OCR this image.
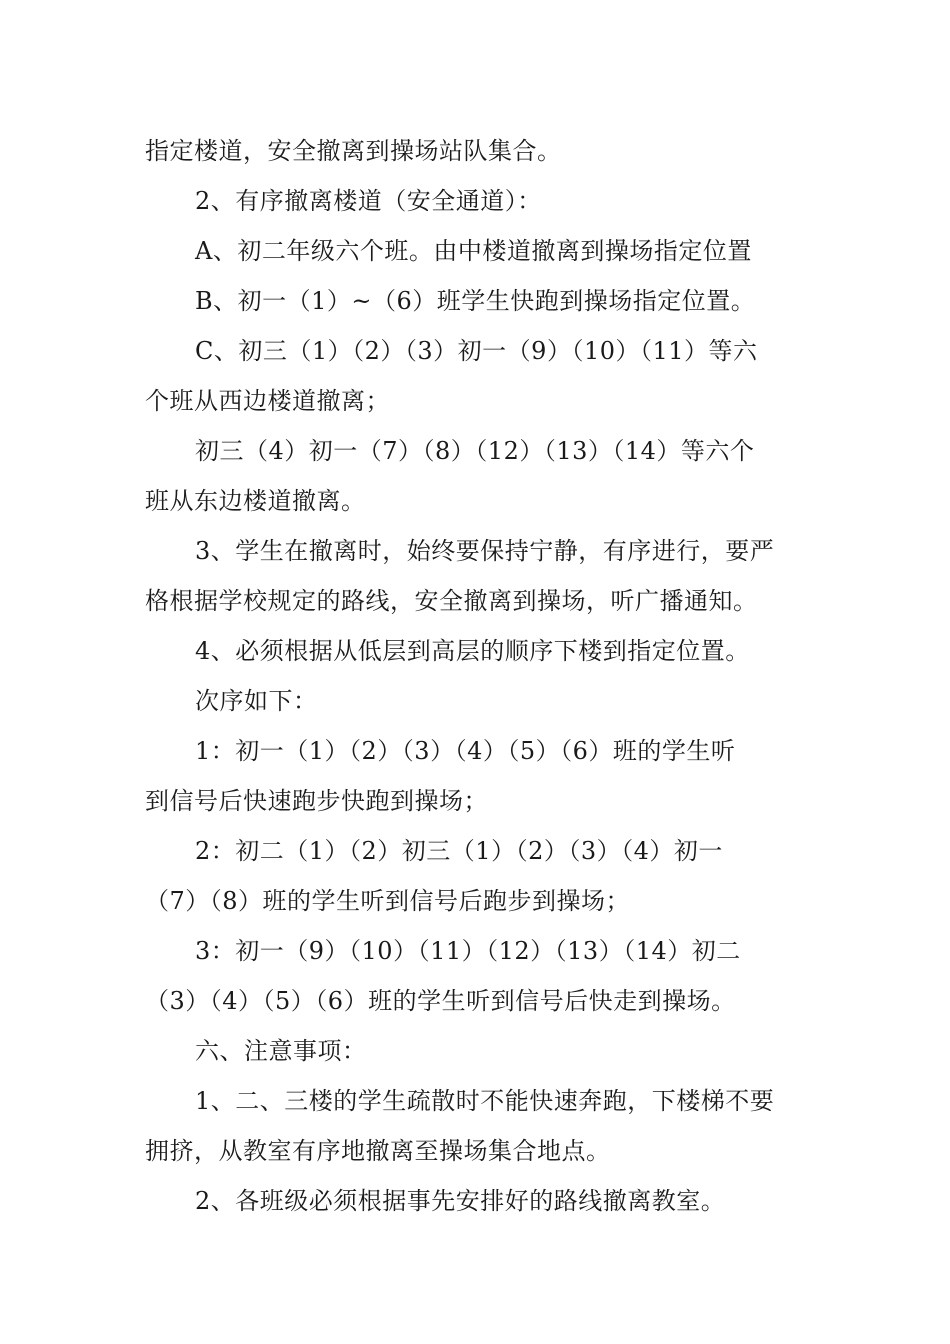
指定楼道，安全撤离到操场站队集合。

2、有序撤离楼道（安全通道）：

A、初二年级六个班。由中楼道撤离到操场指定位置

B、初一（1）~（6）班学生快跑到操场指定位置。

C、初三（1）（2）（3）初一（9）（10）（11）等六

个班从西边楼道撤离；

初三（4）初一（7）（8）（12）（13）（14）等六个

班从东边楼道撤离。

3、学生在撤离时，始终要保持宁静，有序进行，要严

格根据学校规定的路线，安全撤离到操场，听广播通知。

4、必须根据从低层到高层的顺序下楼到指定位置。

次序如下：

1：初一（1）（2）（3）（4）（5）（6）班的学生听

到信号后快速跑步快跑到操场；

2：初二（1）（2）初三（1）（2）（3）（4）初一

（7）（8）班的学生听到信号后跑步到操场；

3：初一（9）（10）（11）（12）（13）（14）初二

（3）（4）（5）（6）班的学生听到信号后快走到操场。

六、注意事项：

1、二、三楼的学生疏散时不能快速奔跑，下楼梯不要

拥挤，从教室有序地撤离至操场集合地点。

2、各班级必须根据事先安排好的路线撤离教室。
